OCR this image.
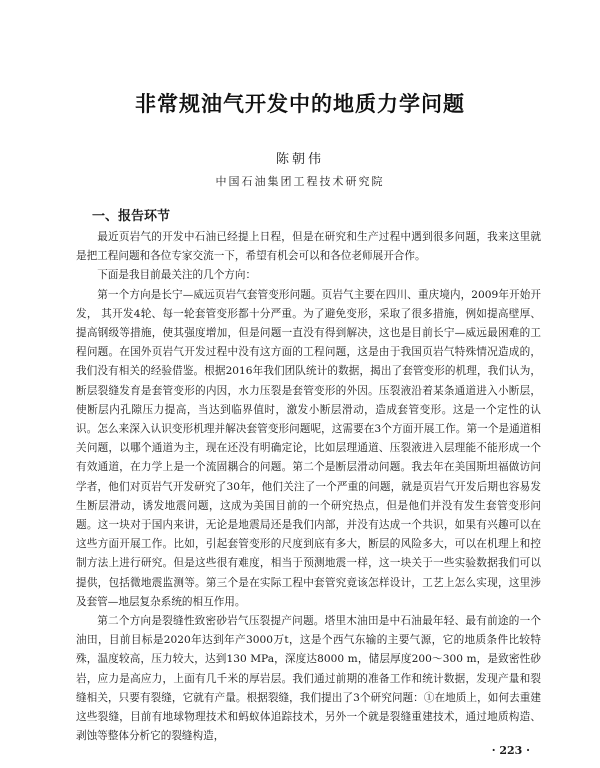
非常规油气开发中的地质力学问题
陈朝伟
中国石油集团工程技术研究院
一、报告环节

最近页岩气的开发中石油已经提上日程，但是在研究和生产过程中遇到很多问题，我来这里就是把工程问题和各位专家交流一下，希望有机会可以和各位老师展开合作。

下面是我目前最关注的几个方向：

第一个方向是长宁—威远页岩气套管变形问题。页岩气主要在四川、重庆境内，2009年开始开发， 其开发4轮、每一轮套管变形都十分严重。为了避免变形，采取了很多措施，例如提高壁厚、提高钢级等措施，使其强度增加，但是问题一直没有得到解决，这也是目前长宁—威远最困难的工程问题。在国外页岩气开发过程中没有这方面的工程问题，这是由于我国页岩气特殊情况造成的，我们没有相关的经验借鉴。根据2016年我们团队统计的数据，揭出了套管变形的机理，我们认为，断层裂缝发育是套管变形的内因，水力压裂是套管变形的外因。压裂液沿着某条通道进入小断层，使断层内孔隙压力提高，当达到临界值时，激发小断层滑动，造成套管变形。这是一个定性的认识。怎么来深入认识变形机理并解决套管变形问题呢，这需要在3个方面开展工作。第一个是通道相关问题，以哪个通道为主，现在还没有明确定论，比如层理通道、压裂液进入层理能不能形成一个有效通道，在力学上是一个流固耦合的问题。第二个是断层滑动问题。我去年在美国斯坦福做访问学者，他们对页岩气开发研究了30年，他们关注了一个严重的问题，就是页岩气开发后期也容易发生断层滑动，诱发地震问题，这成为美国目前的一个研究热点，但是他们并没有发生套管变形问题。这一块对于国内来讲，无论是地震局还是我们内部，并没有达成一个共识，如果有兴趣可以在这些方面开展工作。比如，引起套管变形的尺度到底有多大，断层的风险多大，可以在机理上和控制方法上进行研究。但是这些很有难度，相当于预测地震一样，这一块关于一些实验数据我们可以提供，包括微地震监测等。第三个是在实际工程中套管究竟该怎样设计，工艺上怎么实现，这里涉及套管—地层复杂系统的相互作用。

第二个方向是裂缝性致密砂岩气压裂提产问题。塔里木油田是中石油最年轻、最有前途的一个油田，目前目标是2020年达到年产3000万t，这是个西气东输的主要气源，它的地质条件比较特殊，温度较高，压力较大，达到130 MPa，深度达8000 m，储层厚度200～300 m，是致密性砂岩，应力是高应力，上面有几千米的厚岩层。我们通过前期的准备工作和统计数据，发现产量和裂缝相关，只要有裂缝，它就有产量。根据裂缝，我们提出了3个研究问题：①在地质上，如何去重建这些裂缝，目前有地球物理技术和蚂蚁体追踪技术，另外一个就是裂缝重建技术，通过地质构造、剥蚀等整体分析它的裂缝构造，

· 223 ·
